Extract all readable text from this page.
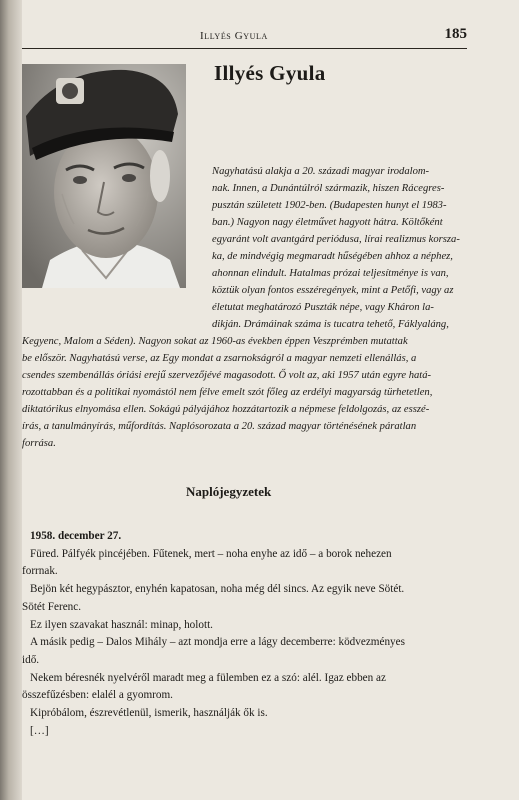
Illyés Gyula	185
Illyés Gyula
Nagyhatású alakja a 20. századi magyar irodalom-
nak. Innen, a Dunántúlról származik, hiszen Rácegres-
pusztán született 1902-ben. (Budapesten hunyt el 1983-
ban.) Nagyon nagy életművet hagyott hátra. Költőként
egyaránt volt avantgárd periódusa, lírai realizmus korsza-
ka, de mindvégig megmaradt hűségében ahhoz a néphez,
ahonnan elindult. Hatalmas prózai teljesítménye is van,
köztük olyan fontos esszéregények, mint a Petőfi, vagy az
életutat meghatározó Puszták népe, vagy Kháron la-
dikján. Drámáinak száma is tucatra tehető, Fáklyaláng,
Kegyenc, Malom a Séden). Nagyon sokat az 1960-as években éppen Veszprémben mutattak
be először. Nagyhatású verse, az Egy mondat a zsarnokságról a magyar nemzeti ellenállás, a
csendes szembenállás óriási erejű szervezőjévé magasodott. Ő volt az, aki 1957 után egyre hatá-
rozottabban és a politikai nyomástól nem félve emelt szót főleg az erdélyi magyarság türhetetlen,
diktatórikus elnyomása ellen. Sokágú pályájához hozzátartozik a népmese feldolgozás, az esszé-
írás, a tanulmányírás, műfordítás. Naplósorozata a 20. század magyar történésének páratlan
forrása.
Naplójegyzetek
1958. december 27.
Füred. Pálfyék pincéjében. Fűtenek, mert – noha enyhe az idő – a borok nehezen
forrnak.
Bejön két hegypásztor, enyhén kapatosan, noha még dél sincs. Az egyik neve Sötét.
Sötét Ferenc.
Ez ilyen szavakat használ: minap, holott.
A másik pedig – Dalos Mihály – azt mondja erre a lágy decemberre: ködvezményes
idő.
Nekem béresnék nyelvéről maradt meg a fülemben ez a szó: alél. Igaz ebben az
összefűzésben: elalél a gyomrom.
Kipróbálom, észrevétlenül, ismerik, használják ők is.
[…]
